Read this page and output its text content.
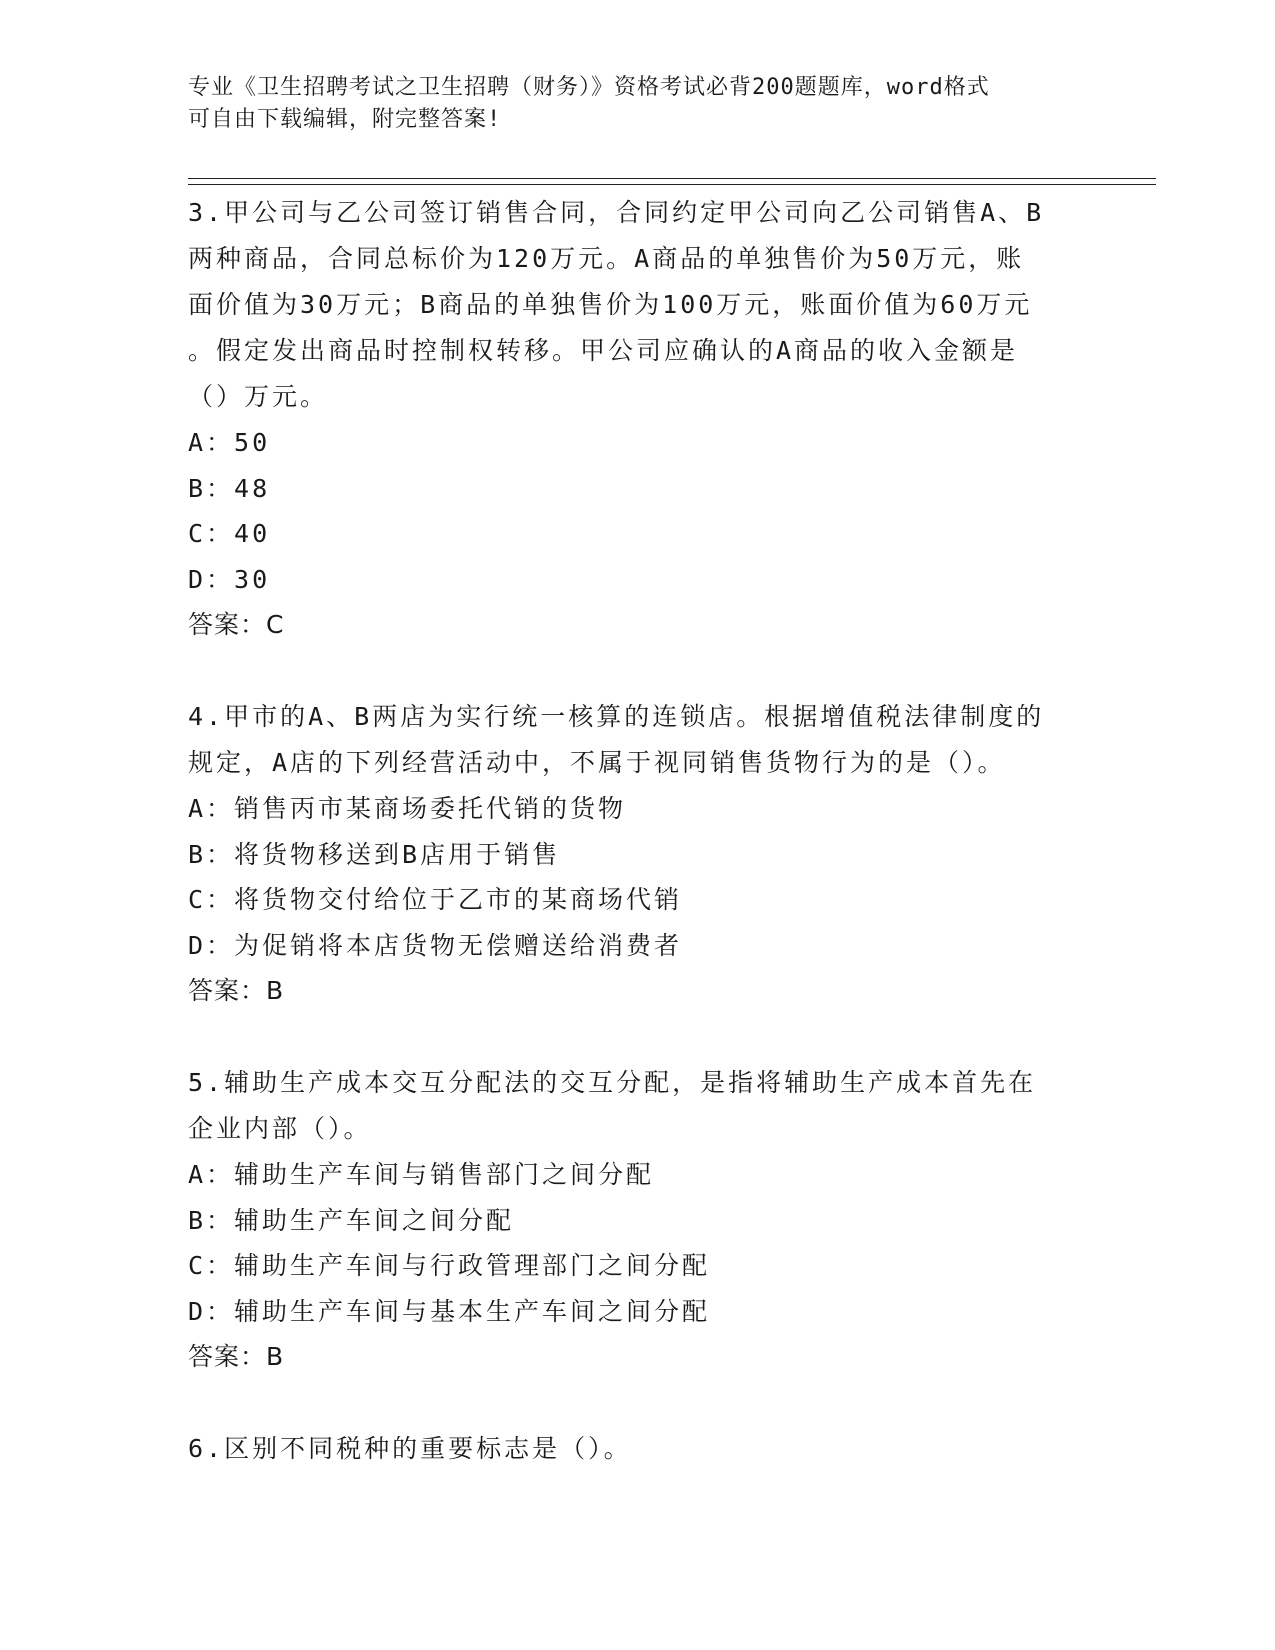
专业《卫生招聘考试之卫生招聘（财务）》资格考试必背200题题库，word格式
可自由下载编辑，附完整答案!

3.甲公司与乙公司签订销售合同，合同约定甲公司向乙公司销售A、B

两种商品，合同总标价为120万元。A商品的单独售价为50万元，账

面价值为30万元；B商品的单独售价为100万元，账面价值为60万元

。假定发出商品时控制权转移。甲公司应确认的A商品的收入金额是

（）万元。

A：50

B：48

C：40

D：30

答案：C

4.甲市的A、B两店为实行统一核算的连锁店。根据增值税法律制度的

规定，A店的下列经营活动中，不属于视同销售货物行为的是（）。

A：销售丙市某商场委托代销的货物

B：将货物移送到B店用于销售

C：将货物交付给位于乙市的某商场代销

D：为促销将本店货物无偿赠送给消费者

答案：B

5.辅助生产成本交互分配法的交互分配，是指将辅助生产成本首先在

企业内部（）。

A：辅助生产车间与销售部门之间分配

B：辅助生产车间之间分配

C：辅助生产车间与行政管理部门之间分配

D：辅助生产车间与基本生产车间之间分配

答案：B

6.区别不同税种的重要标志是（）。
